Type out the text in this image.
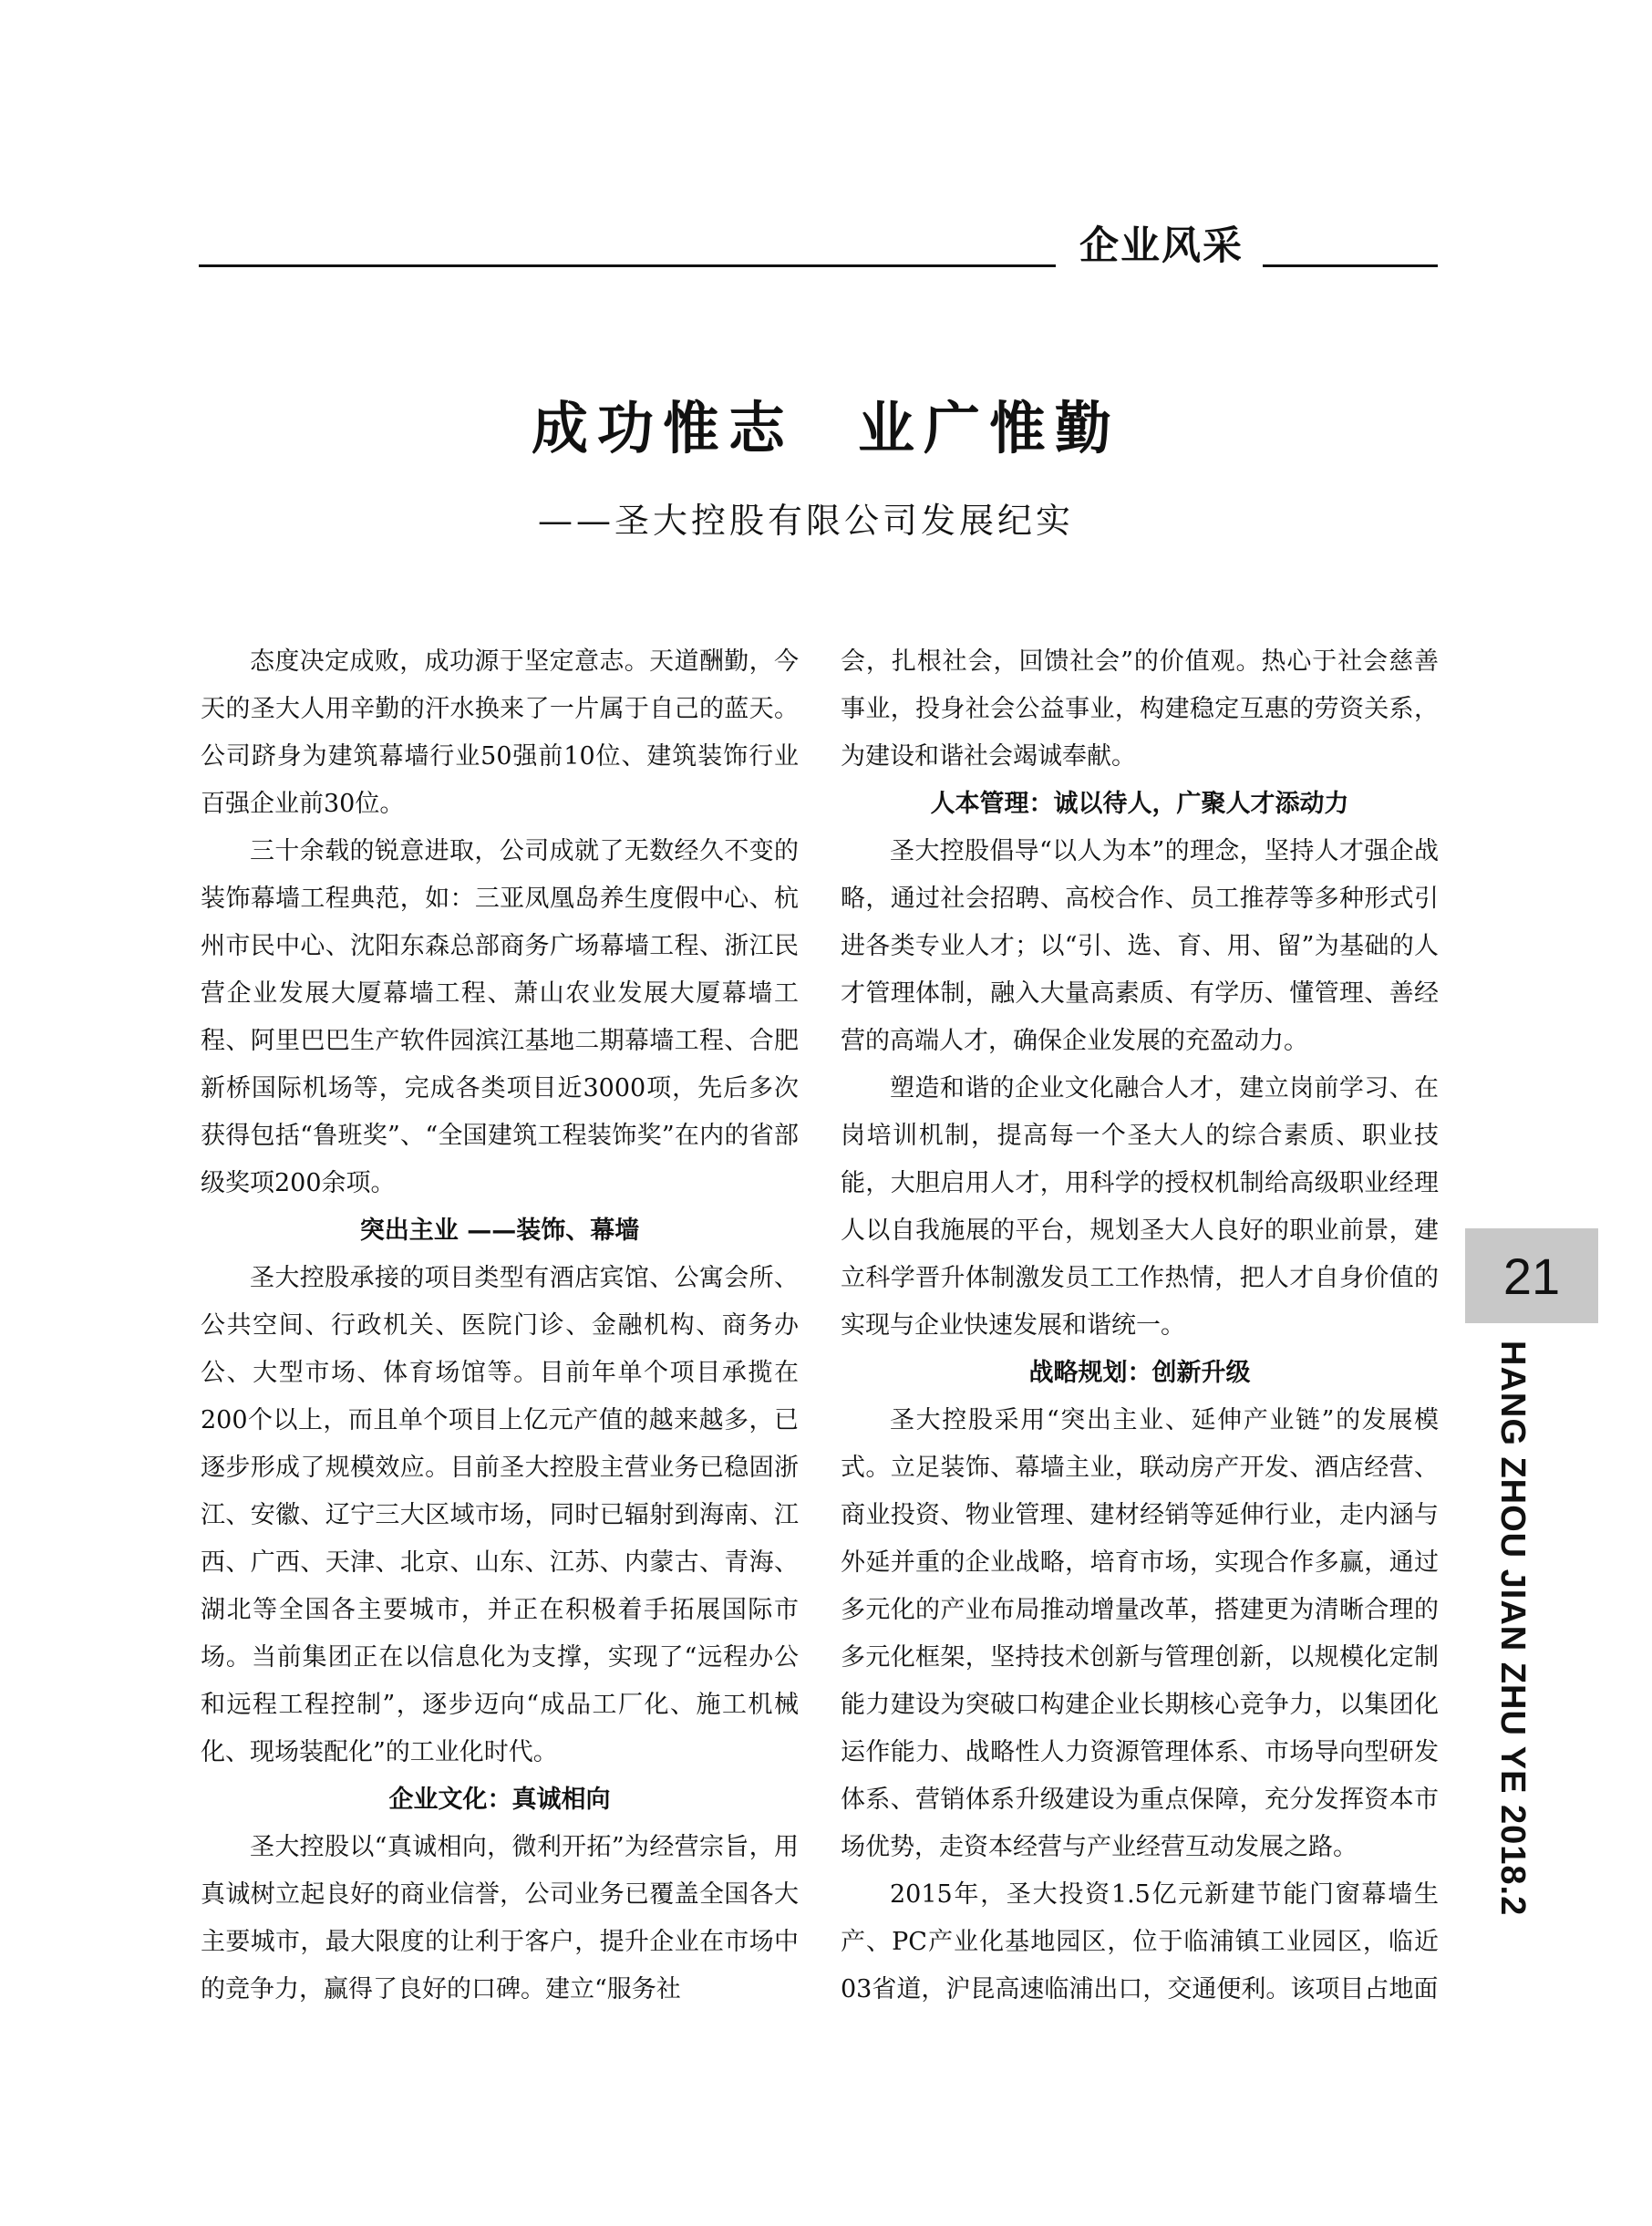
企业风采
成功惟志 业广惟勤
——圣大控股有限公司发展纪实

态度决定成败，成功源于坚定意志。天道酬勤，今天的圣大人用辛勤的汗水换来了一片属于自己的蓝天。公司跻身为建筑幕墙行业50强前10位、建筑装饰行业百强企业前30位。

三十余载的锐意进取，公司成就了无数经久不变的装饰幕墙工程典范，如：三亚凤凰岛养生度假中心、杭州市民中心、沈阳东森总部商务广场幕墙工程、浙江民营企业发展大厦幕墙工程、萧山农业发展大厦幕墙工程、阿里巴巴生产软件园滨江基地二期幕墙工程、合肥新桥国际机场等，完成各类项目近3000项，先后多次获得包括“鲁班奖”、“全国建筑工程装饰奖”在内的省部级奖项200余项。

突出主业 ——装饰、幕墙

圣大控股承接的项目类型有酒店宾馆、公寓会所、公共空间、行政机关、医院门诊、金融机构、商务办公、大型市场、体育场馆等。目前年单个项目承揽在200个以上，而且单个项目上亿元产值的越来越多，已逐步形成了规模效应。目前圣大控股主营业务已稳固浙江、安徽、辽宁三大区域市场，同时已辐射到海南、江西、广西、天津、北京、山东、江苏、内蒙古、青海、湖北等全国各主要城市，并正在积极着手拓展国际市场。当前集团正在以信息化为支撑，实现了“远程办公和远程工程控制”，逐步迈向“成品工厂化、施工机械化、现场装配化”的工业化时代。

企业文化：真诚相向

圣大控股以“真诚相向，微利开拓”为经营宗旨，用真诚树立起良好的商业信誉，公司业务已覆盖全国各大主要城市，最大限度的让利于客户，提升企业在市场中的竞争力，赢得了良好的口碑。建立“服务社

会，扎根社会，回馈社会”的价值观。热心于社会慈善事业，投身社会公益事业，构建稳定互惠的劳资关系，为建设和谐社会竭诚奉献。

人本管理：诚以待人，广聚人才添动力

圣大控股倡导“以人为本”的理念，坚持人才强企战略，通过社会招聘、高校合作、员工推荐等多种形式引进各类专业人才；以“引、选、育、用、留”为基础的人才管理体制，融入大量高素质、有学历、懂管理、善经营的高端人才，确保企业发展的充盈动力。

塑造和谐的企业文化融合人才，建立岗前学习、在岗培训机制，提高每一个圣大人的综合素质、职业技能，大胆启用人才，用科学的授权机制给高级职业经理人以自我施展的平台，规划圣大人良好的职业前景，建立科学晋升体制激发员工工作热情，把人才自身价值的实现与企业快速发展和谐统一。

战略规划：创新升级

圣大控股采用“突出主业、延伸产业链”的发展模式。立足装饰、幕墙主业，联动房产开发、酒店经营、商业投资、物业管理、建材经销等延伸行业，走内涵与外延并重的企业战略，培育市场，实现合作多赢，通过多元化的产业布局推动增量改革，搭建更为清晰合理的多元化框架，坚持技术创新与管理创新，以规模化定制能力建设为突破口构建企业长期核心竞争力，以集团化运作能力、战略性人力资源管理体系、市场导向型研发体系、营销体系升级建设为重点保障，充分发挥资本市场优势，走资本经营与产业经营互动发展之路。

2015年，圣大投资1.5亿元新建节能门窗幕墙生产、PC产业化基地园区，位于临浦镇工业园区，临近03省道，沪昆高速临浦出口，交通便利。该项目占地面

21
HANG ZHOU JIAN ZHU YE 2018.2
